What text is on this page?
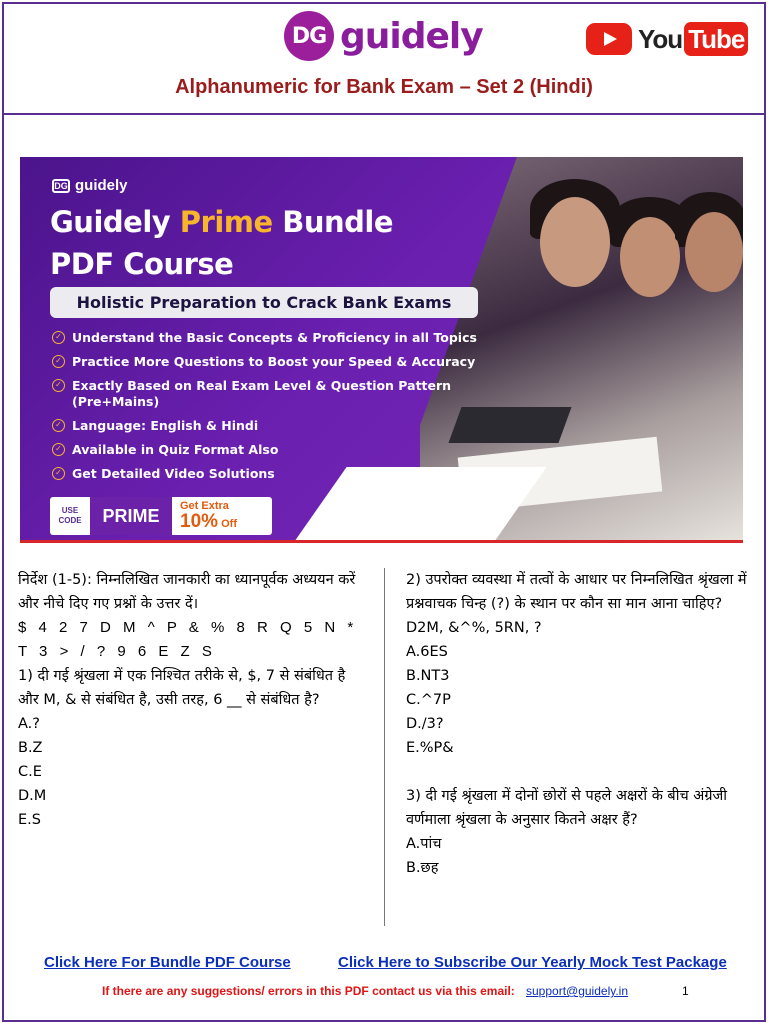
DG guidely	You Tube
Alphanumeric for Bank Exam – Set 2 (Hindi)
DG guidely
Guidely Prime Bundle
PDF Course
Holistic Preparation to Crack Bank Exams
✓ Understand the Basic Concepts & Proficiency in all Topics
✓ Practice More Questions to Boost your Speed & Accuracy
✓ Exactly Based on Real Exam Level & Question Pattern (Pre+Mains)
✓ Language: English & Hindi
✓ Available in Quiz Format Also
✓ Get Detailed Video Solutions
USE CODE	PRIME	Get Extra
10% Off

निर्देश (1-5): निम्नलिखित जानकारी का ध्यानपूर्वक अध्ययन करें और नीचे दिए गए प्रश्नों के उत्तर दें।

$ 4 2 7 D M ^ P & % 8 R Q 5 N * T 3 > / ? 9 6 E Z S

1) दी गई श्रृंखला में एक निश्चित तरीके से, $, 7 से संबंधित है और M, & से संबंधित है, उसी तरह, 6 __ से संबंधित है?

A.?

B.Z

C.E

D.M

E.S

2) उपरोक्त व्यवस्था में तत्वों के आधार पर निम्नलिखित श्रृंखला में प्रश्नवाचक चिन्ह (?) के स्थान पर कौन सा मान आना चाहिए?

D2M, &^%, 5RN, ?

A.6ES

B.NT3

C.^7P

D./3?

E.%P&

3) दी गई श्रृंखला में दोनों छोरों से पहले अक्षरों के बीच अंग्रेजी वर्णमाला श्रृंखला के अनुसार कितने अक्षर हैं?

A.पांच

B.छह

Click Here For Bundle PDF Course	Click Here to Subscribe Our Yearly Mock Test Package
If there are any suggestions/ errors in this PDF contact us via this email: support@guidely.in	1
